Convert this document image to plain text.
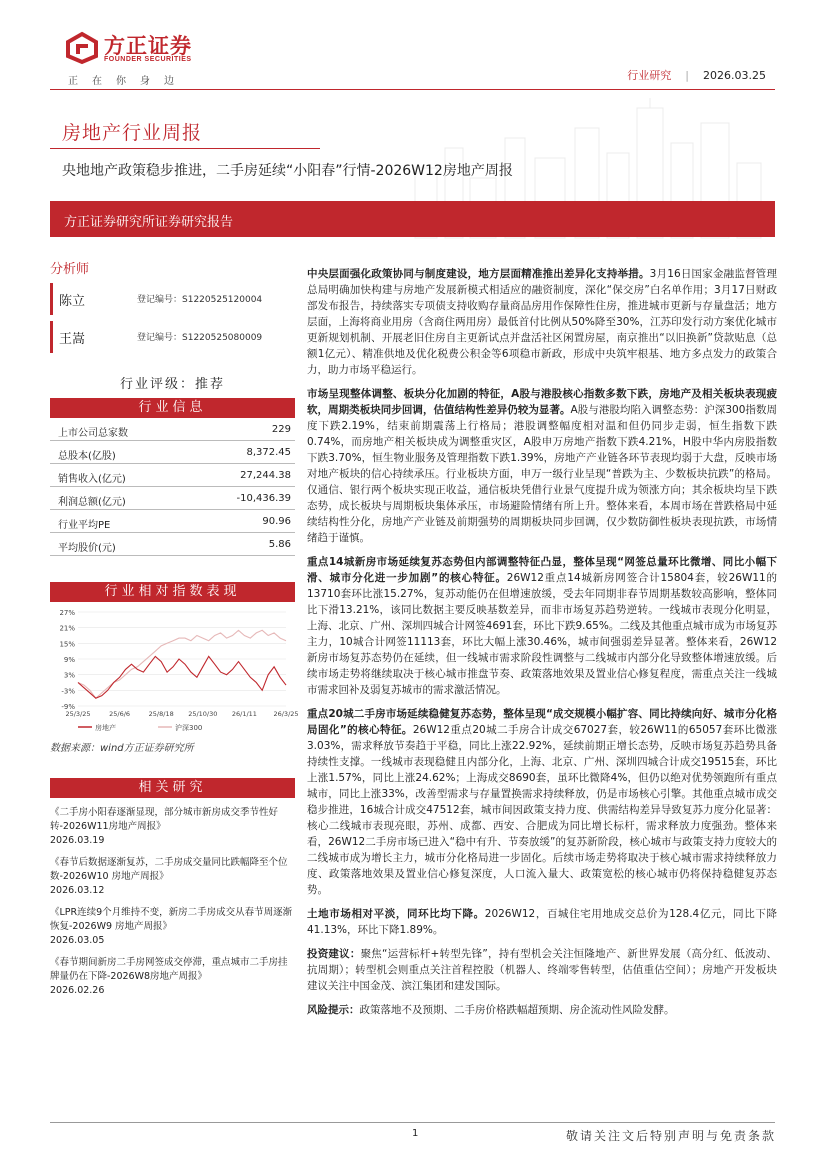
方正证券
FOUNDER SECURITIES
正在你身边	行业研究 | 2026.03.25
房地产行业周报
央地地产政策稳步推进，二手房延续“小阳春”行情-2026W12房地产周报
方正证券研究所证券研究报告
分析师
陈立	登记编号：S1220525120004
王嵩	登记编号：S1220525080009
行业评级：推荐
行业信息
上市公司总家数	229
总股本(亿股)	8,372.45
销售收入(亿元)	27,244.38
利润总额(亿元)	-10,436.39
行业平均PE	90.96
平均股价(元)	5.86
行业相对指数表现
27%
21%
15%
9%
3%
-3%
-9%
25/3/25	25/6/6	25/8/18 25/10/30 26/1/11	26/3/25
房地产	沪深300
数据来源：wind方正证券研究所
相关研究
《二手房小阳春逐渐显现，部分城市新房成交季节性好转-2026W11房地产周报》
2026.03.19
《春节后数据逐渐复苏，二手房成交量同比跌幅降至个位数-2026W10 房地产周报》
2026.03.12
《LPR连续9个月维持不变，新房二手房成交从春节周逐渐恢复-2026W9 房地产周报》
2026.03.05
《春节期间新房二手房网签成交停滞，重点城市二手房挂牌量仍在下降-2026W8房地产周报》
2026.02.26
中央层面强化政策协同与制度建设，地方层面精准推出差异化支持举措。3月16日国家金融监督管理总局明确加快构建与房地产发展新模式相适应的融资制度，深化“保交房”白名单作用；3月17日财政部发布报告，持续落实专项债支持收购存量商品房用作保障性住房，推进城市更新与存量盘活；地方层面，上海将商业用房（含商住两用房）最低首付比例从50%降至30%，江苏印发行动方案优化城市更新规划机制、开展老旧住房自主更新试点并盘活社区闲置房屋，南京推出“以旧换新”贷款贴息（总额1亿元）、精准供地及优化税费公积金等6项稳市新政，形成中央筑牢根基、地方多点发力的政策合力，助力市场平稳运行。
市场呈现整体调整、板块分化加剧的特征，A股与港股核心指数多数下跌，房地产及相关板块表现疲软，周期类板块同步回调，估值结构性差异仍较为显著。A股与港股均陷入调整态势：沪深300指数周度下跌2.19%，结束前期震荡上行格局；港股调整幅度相对温和但仍同步走弱，恒生指数下跌0.74%，而房地产相关板块成为调整重灾区，A股申万房地产指数下跌4.21%，H股中华内房股指数下跌3.70%，恒生物业服务及管理指数下跌1.39%，房地产产业链各环节表现均弱于大盘，反映市场对地产板块的信心持续承压。行业板块方面，申万一级行业呈现“普跌为主、少数板块抗跌”的格局。仅通信、银行两个板块实现正收益，通信板块凭借行业景气度提升成为领涨方向；其余板块均呈下跌态势，成长板块与周期板块集体承压，市场避险情绪有所上升。整体来看，本周市场在普跌格局中延续结构性分化，房地产产业链及前期强势的周期板块同步回调，仅少数防御性板块表现抗跌，市场情绪趋于谨慎。
重点14城新房市场延续复苏态势但内部调整特征凸显，整体呈现“网签总量环比微增、同比小幅下滑、城市分化进一步加剧”的核心特征。26W12重点14城新房网签合计15804套，较26W11的13710套环比涨15.27%，复苏动能仍在但增速放缓，受去年同期非春节周期基数较高影响，整体同比下滑13.21%，该同比数据主要反映基数差异，而非市场复苏趋势逆转。一线城市表现分化明显，上海、北京、广州、深圳四城合计网签4691套，环比下跌9.65%。二线及其他重点城市成为市场复苏主力，10城合计网签11113套，环比大幅上涨30.46%，城市间强弱差异显著。整体来看，26W12新房市场复苏态势仍在延续，但一线城市需求阶段性调整与二线城市内部分化导致整体增速放缓。后续市场走势将继续取决于核心城市推盘节奏、政策落地效果及置业信心修复程度，需重点关注一线城市需求回补及弱复苏城市的需求激活情况。
重点20城二手房市场延续稳健复苏态势，整体呈现“成交规模小幅扩容、同比持续向好、城市分化格局固化”的核心特征。26W12重点20城二手房合计成交67027套，较26W11的65057套环比微涨3.03%，需求释放节奏趋于平稳，同比上涨22.92%，延续前期正增长态势，反映市场复苏趋势具备持续性支撑。一线城市表现稳健且内部分化，上海、北京、广州、深圳四城合计成交19515套，环比上涨1.57%，同比上涨24.62%；上海成交8690套，虽环比微降4%，但仍以绝对优势领跑所有重点城市，同比上涨33%，改善型需求与存量置换需求持续释放，仍是市场核心引擎。其他重点城市成交稳步推进，16城合计成交47512套，城市间因政策支持力度、供需结构差异导致复苏力度分化显著：核心二线城市表现亮眼，苏州、成都、西安、合肥成为同比增长标杆，需求释放力度强劲。整体来看，26W12二手房市场已进入“稳中有升、节奏放缓”的复苏新阶段，核心城市与政策支持力度较大的二线城市成为增长主力，城市分化格局进一步固化。后续市场走势将取决于核心城市需求持续释放力度、政策落地效果及置业信心修复深度，人口流入量大、政策宽松的核心城市仍将保持稳健复苏态势。
土地市场相对平淡，同环比均下降。2026W12，百城住宅用地成交总价为128.4亿元，同比下降41.13%，环比下降1.89%。
投资建议：聚焦“运营标杆+转型先锋”，持有型机会关注恒隆地产、新世界发展（高分红、低波动、抗周期）；转型机会则重点关注首程控股（机器人、终端零售转型，估值重估空间）；房地产开发板块建议关注中国金茂、滨江集团和建发国际。
风险提示：政策落地不及预期、二手房价格跌幅超预期、房企流动性风险发酵。
1	敬请关注文后特别声明与免责条款
